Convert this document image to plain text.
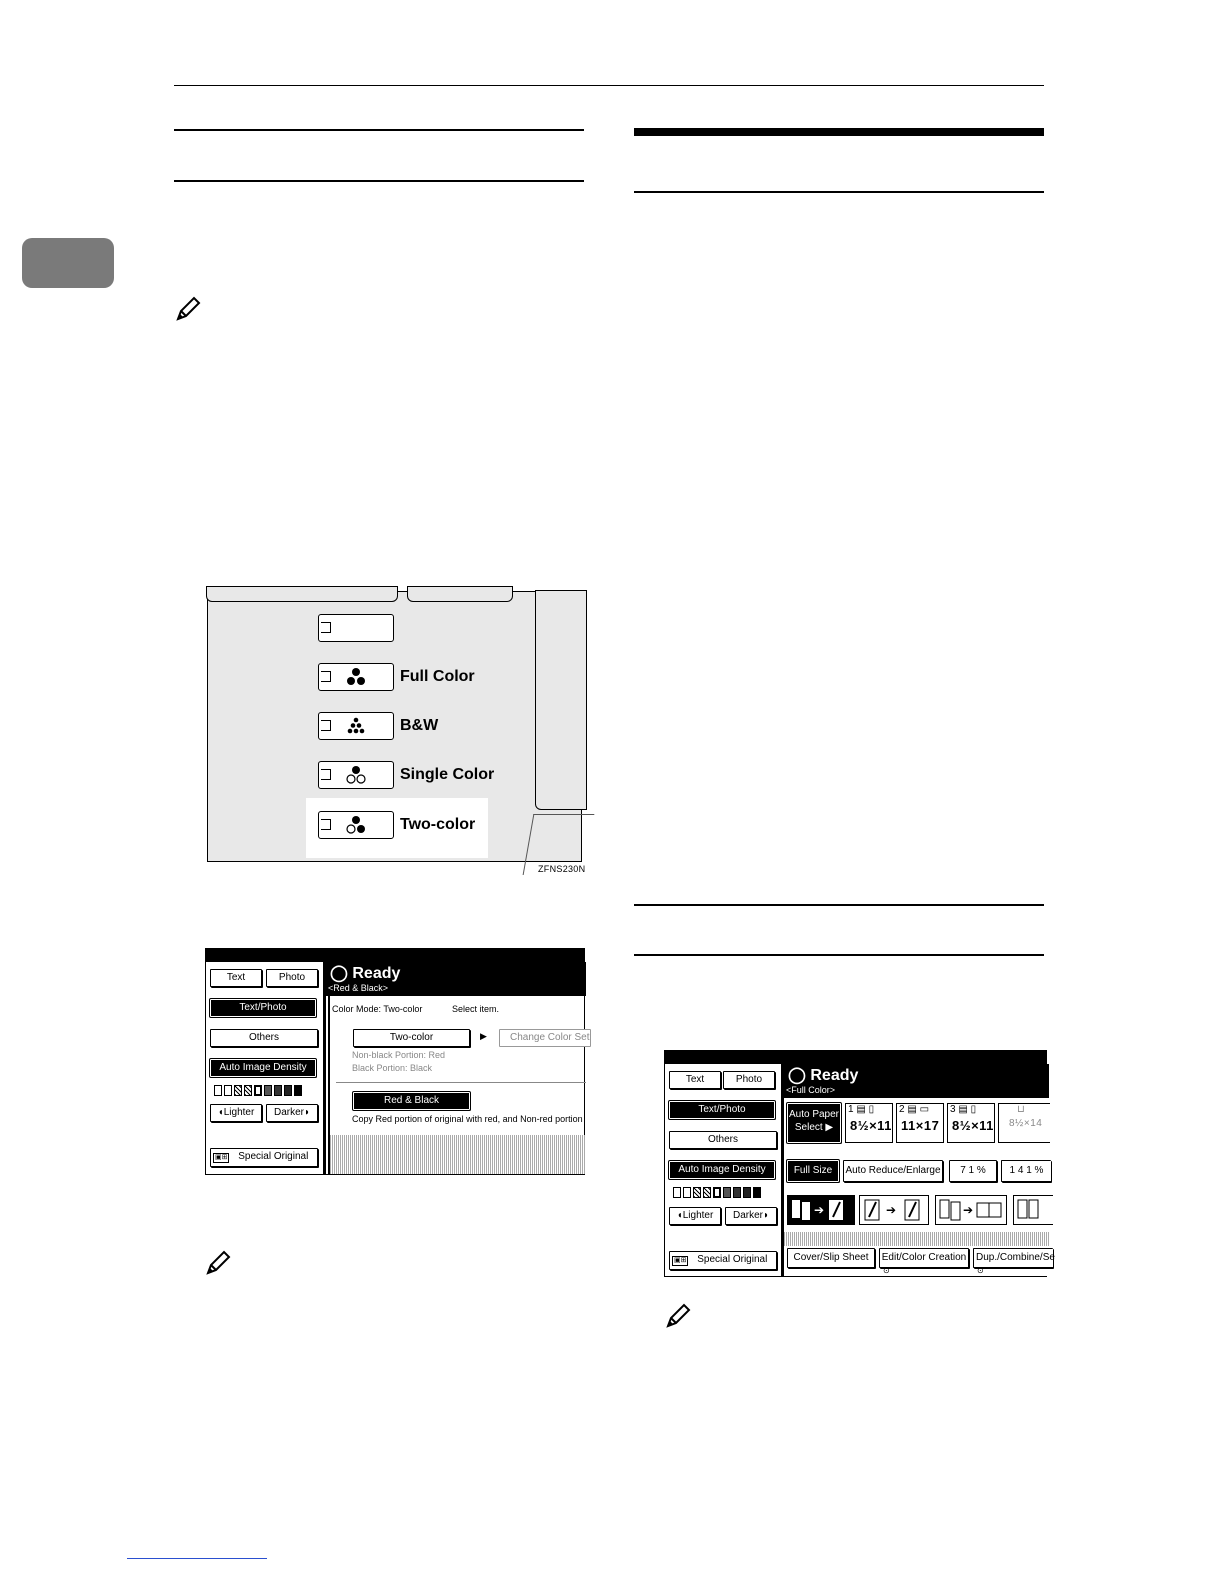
Full Color
B&W
Single Color
Two-color
ZFNS230N
Text	Photo
Text/Photo
Others
Auto Image Density
◖Lighter	Darker◗
▣⊞ Special Original
◯ Ready
<Red & Black>
Color Mode: Two-color	Select item.
Two-color	▶	Change Color Set
Non-black Portion: Red
Black Portion: Black
Red & Black
Copy Red portion of original with red, and Non-red portion
Text	Photo
Text/Photo
Others
Auto Image Density
◖Lighter	Darker◗
▣⊞ Special Original
◯ Ready
<Full Color>
Auto Paper
Select ▶
1 ▤ ▯
8½×11
2 ▤ ▭
11×17
3 ▤ ▯
8½×11
⊔
8½×14
Full Size	Auto Reduce/Enlarge	7 1 %	1 4 1 %
➔	➔	➔
Cover/Slip Sheet	Edit/Color Creation Dup./Combine/Se
⊙	⊙
